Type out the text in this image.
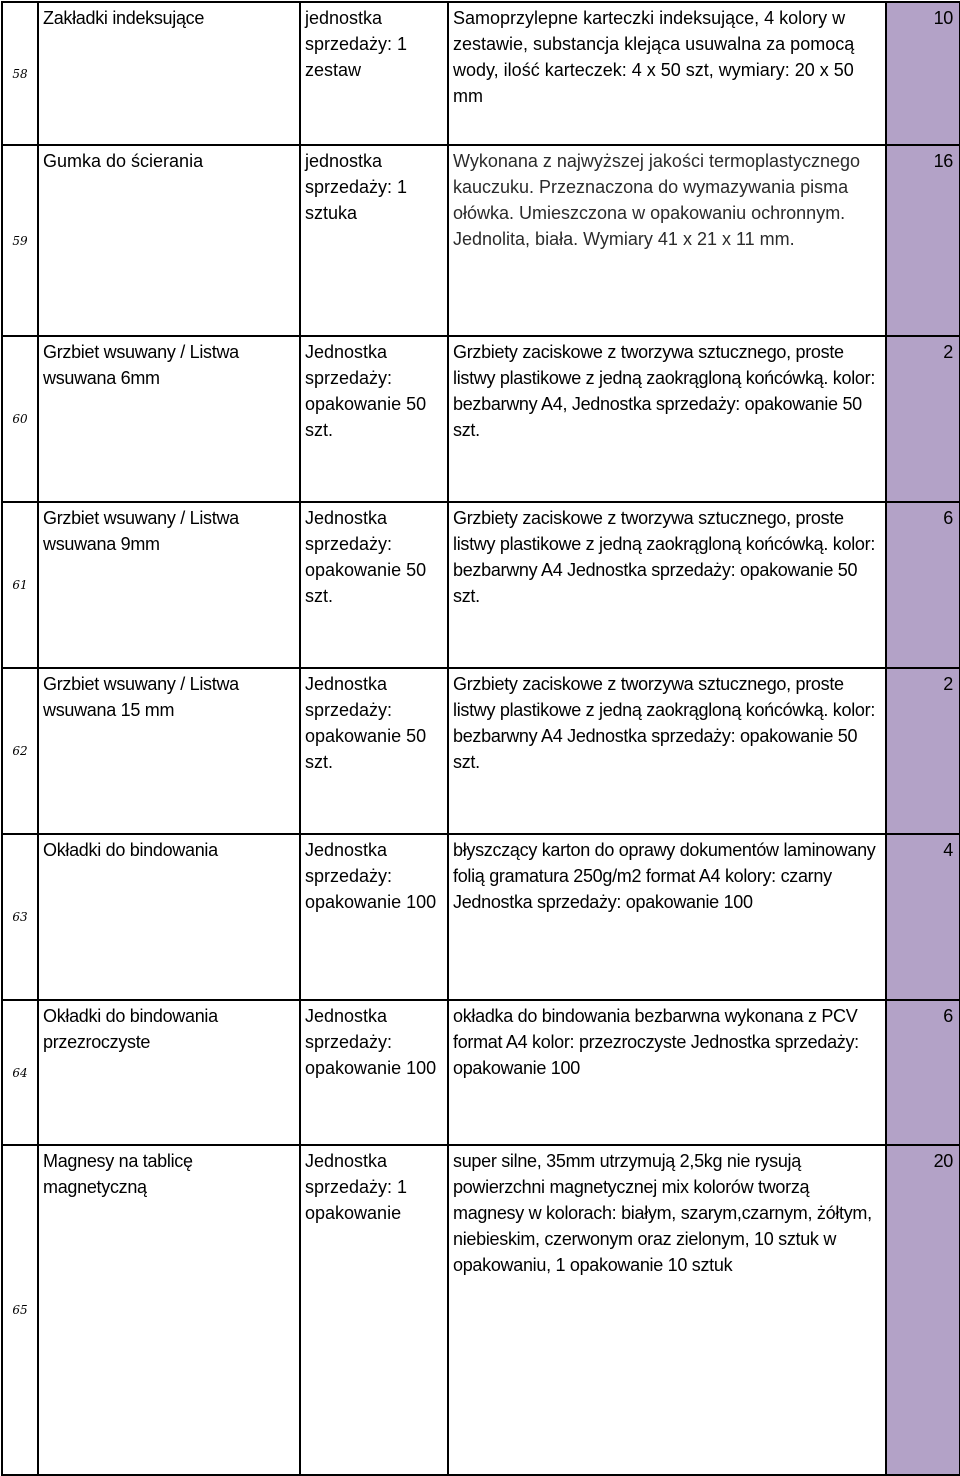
58	Zakładki indeksujące	jednostka sprzedaży: 1 zestaw	Samoprzylepne karteczki indeksujące, 4 kolory w zestawie, substancja klejąca usuwalna za pomocą wody, ilość karteczek: 4 x 50 szt, wymiary: 20 x 50 mm	10
59	Gumka do ścierania	jednostka sprzedaży: 1 sztuka	Wykonana z najwyższej jakości termoplastycznego kauczuku. Przeznaczona do wymazywania pisma ołówka. Umieszczona w opakowaniu ochronnym. Jednolita, biała. Wymiary 41 x 21 x 11 mm.	16
60	Grzbiet wsuwany / Listwa wsuwana 6mm	Jednostka sprzedaży: opakowanie 50 szt.	Grzbiety zaciskowe z tworzywa sztucznego, proste listwy plastikowe z jedną zaokrągloną końcówką. kolor: bezbarwny A4, Jednostka sprzedaży: opakowanie 50 szt.	2
61	Grzbiet wsuwany / Listwa wsuwana 9mm	Jednostka sprzedaży: opakowanie 50 szt.	Grzbiety zaciskowe z tworzywa sztucznego, proste listwy plastikowe z jedną zaokrągloną końcówką. kolor: bezbarwny A4 Jednostka sprzedaży: opakowanie 50 szt.	6
62	Grzbiet wsuwany / Listwa wsuwana 15 mm	Jednostka sprzedaży: opakowanie 50 szt.	Grzbiety zaciskowe z tworzywa sztucznego, proste listwy plastikowe z jedną zaokrągloną końcówką. kolor: bezbarwny A4 Jednostka sprzedaży: opakowanie 50 szt.	2
63	Okładki do bindowania	Jednostka sprzedaży: opakowanie 100	błyszczący karton do oprawy dokumentów laminowany folią gramatura 250g/m2 format A4 kolory: czarny Jednostka sprzedaży: opakowanie 100	4
64	Okładki do bindowania przezroczyste	Jednostka sprzedaży: opakowanie 100	okładka do bindowania bezbarwna wykonana z PCV format A4 kolor: przezroczyste Jednostka sprzedaży: opakowanie 100	6
65	Magnesy na tablicę magnetyczną	Jednostka sprzedaży: 1 opakowanie	super silne, 35mm utrzymują 2,5kg nie rysują powierzchni magnetycznej mix kolorów tworzą magnesy w kolorach: białym, szarym,czarnym, żółtym, niebieskim, czerwonym oraz zielonym, 10 sztuk w opakowaniu, 1 opakowanie 10 sztuk	20
